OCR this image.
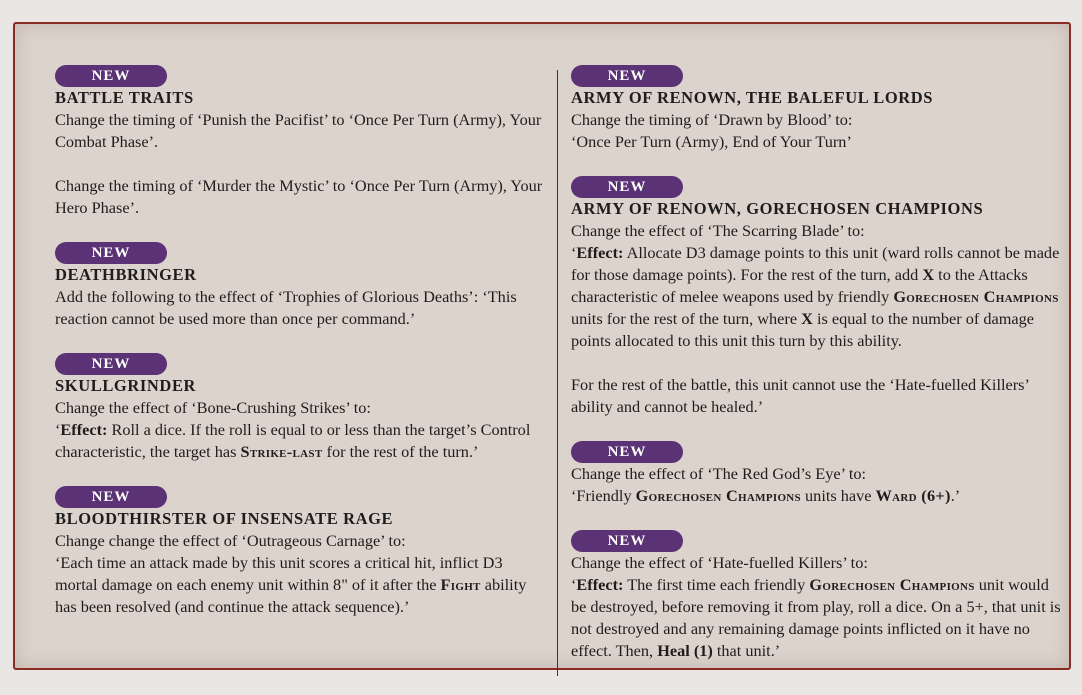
NEW
BATTLE TRAITS

Change the timing of ‘Punish the Pacifist’ to ‘Once Per Turn (Army), Your Combat Phase’.

Change the timing of ‘Murder the Mystic’ to ‘Once Per Turn (Army), Your Hero Phase’.

NEW
DEATHBRINGER

Add the following to the effect of ‘Trophies of Glorious Deaths’: ‘This reaction cannot be used more than once per command.’

NEW
SKULLGRINDER

Change the effect of ‘Bone-Crushing Strikes’ to:

‘Effect: Roll a dice. If the roll is equal to or less than the target’s Control characteristic, the target has Strike-last for the rest of the turn.’

NEW
BLOODTHIRSTER OF INSENSATE RAGE

Change change the effect of ‘Outrageous Carnage’ to:

‘Each time an attack made by this unit scores a critical hit, inflict D3 mortal damage on each enemy unit within 8" of it after the Fight ability has been resolved (and continue the attack sequence).’

NEW
ARMY OF RENOWN, THE BALEFUL LORDS

Change the timing of ‘Drawn by Blood’ to:

‘Once Per Turn (Army), End of Your Turn’

NEW
ARMY OF RENOWN, GORECHOSEN CHAMPIONS

Change the effect of ‘The Scarring Blade’ to:

‘Effect: Allocate D3 damage points to this unit (ward rolls cannot be made for those damage points). For the rest of the turn, add X to the Attacks characteristic of melee weapons used by friendly Gorechosen Champions units for the rest of the turn, where X is equal to the number of damage points allocated to this unit this turn by this ability.

For the rest of the battle, this unit cannot use the ‘Hate-fuelled Killers’ ability and cannot be healed.’

NEW

Change the effect of ‘The Red God’s Eye’ to:

‘Friendly Gorechosen Champions units have Ward (6+).’

NEW

Change the effect of ‘Hate-fuelled Killers’ to:

‘Effect: The first time each friendly Gorechosen Champions unit would be destroyed, before removing it from play, roll a dice. On a 5+, that unit is not destroyed and any remaining damage points inflicted on it have no effect. Then, Heal (1) that unit.’
